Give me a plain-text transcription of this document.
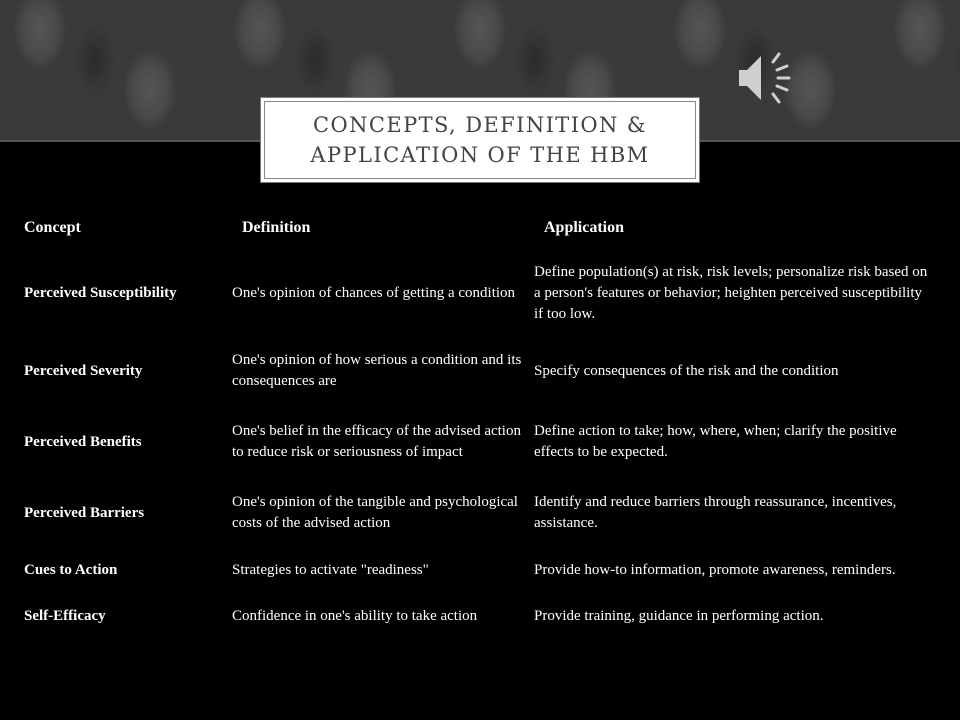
CONCEPTS, DEFINITION &
APPLICATION OF THE HBM
Concept	Definition	Application
Perceived Susceptibility	One's opinion of chances of getting a condition	Define population(s) at risk, risk levels; personalize risk based on a person's features or behavior; heighten perceived susceptibility if too low.
Perceived Severity	One's opinion of how serious a condition and its consequences are	Specify consequences of the risk and the condition
Perceived Benefits	One's belief in the efficacy of the advised action to reduce risk or seriousness of impact	Define action to take; how, where, when; clarify the positive effects to be expected.
Perceived Barriers	One's opinion of the tangible and psychological costs of the advised action	Identify and reduce barriers through reassurance, incentives, assistance.
Cues to Action	Strategies to activate "readiness"	Provide how-to information, promote awareness, reminders.
Self-Efficacy	Confidence in one's ability to take action	Provide training, guidance in performing action.
